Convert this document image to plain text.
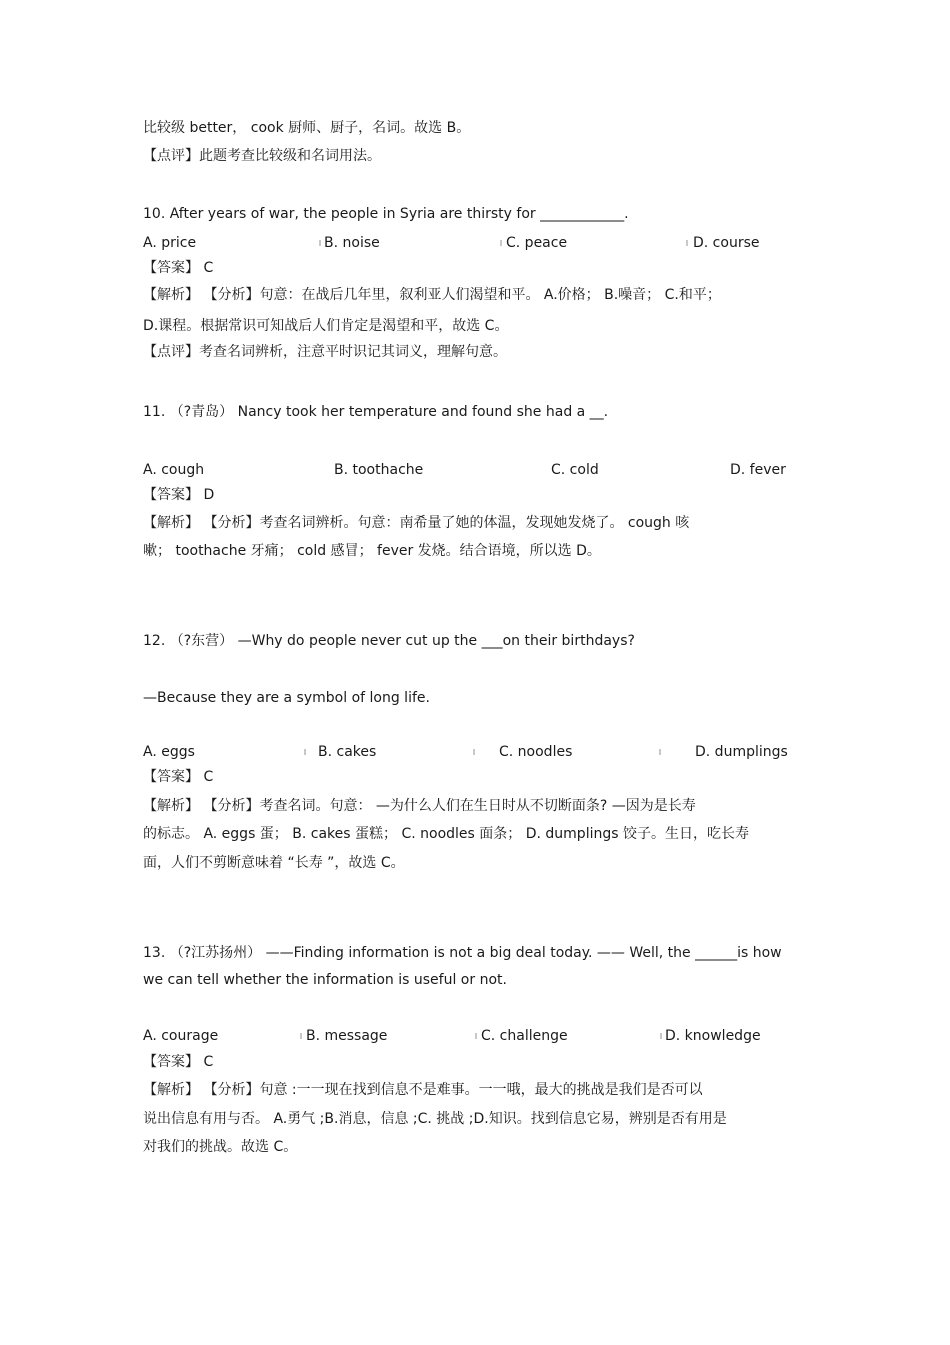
比较级 better， cook 厨师、厨子，名词。故选 B。
【点评】此题考查比较级和名词用法。
10. After years of war, the people in Syria are thirsty for ____________.
A. price	B. noise	C. peace	D. course
【答案】 C
【解析】 【分析】句意：在战后几年里，叙利亚人们渴望和平。 A.价格； B.噪音； C.和平；
D.课程。根据常识可知战后人们肯定是渴望和平，故选 C。
【点评】考查名词辨析，注意平时识记其词义，理解句意。
11. （?青岛） Nancy took her temperature and found she had a __.
A. cough	B. toothache	C. cold	D. fever
【答案】 D
【解析】 【分析】考查名词辨析。句意：南希量了她的体温，发现她发烧了。 cough 咳
嗽； toothache 牙痛； cold 感冒； fever 发烧。结合语境，所以选 D。
12. （?东营） —Why do people never cut up the ___on their birthdays?
—Because they are a symbol of long life.
A. eggs	B. cakes	C. noodles	D. dumplings
【答案】 C
【解析】 【分析】考查名词。句意： —为什么人们在生日时从不切断面条? —因为是长寿
的标志。 A. eggs 蛋； B. cakes 蛋糕； C. noodles 面条； D. dumplings 饺子。生日，吃长寿
面，人们不剪断意味着 “长寿 ”，故选 C。
13. （?江苏扬州） ——Finding information is not a big deal today. —— Well, the ______is how
we can tell whether the information is useful or not.
A. courage	B. message	C. challenge	D. knowledge
【答案】 C
【解析】 【分析】句意 :一一现在找到信息不是难事。一一哦，最大的挑战是我们是否可以
说出信息有用与否。 A.勇气 ;B.消息，信息 ;C. 挑战 ;D.知识。找到信息它易，辨别是否有用是
对我们的挑战。故选 C。
